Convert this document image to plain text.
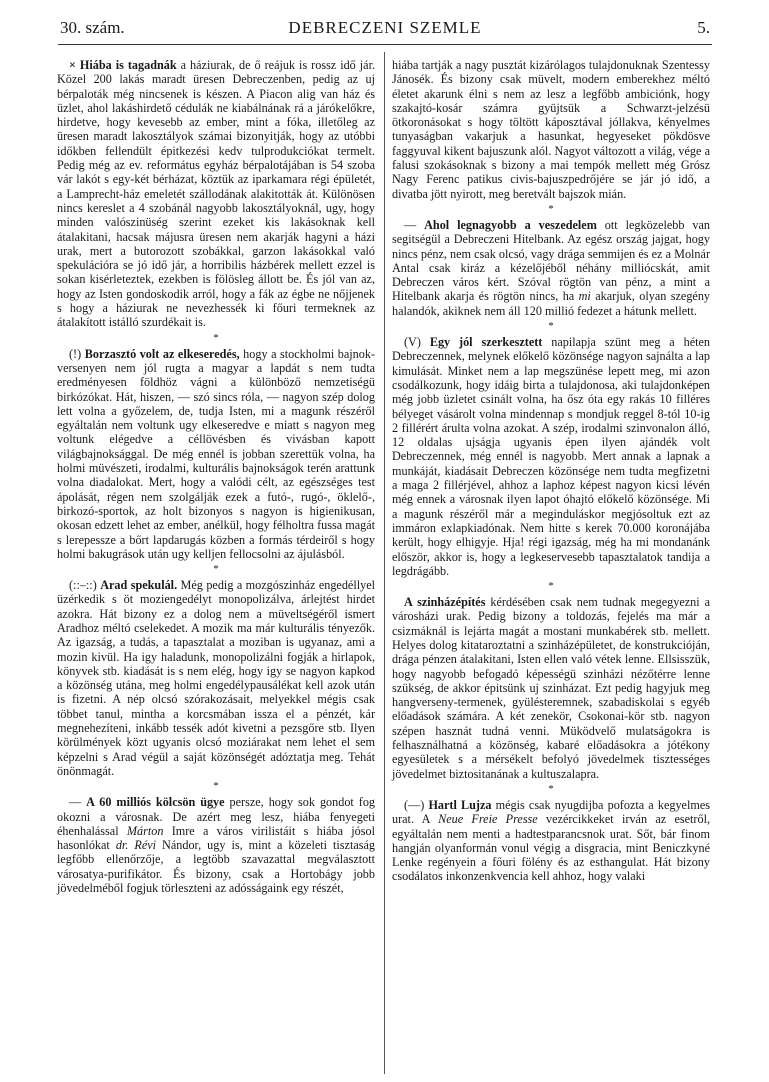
30. szám.	DEBRECZENI SZEMLE	5.

× Hiába is tagadnák a háziurak, de ő reájuk is rossz idő jár. Közel 200 lakás maradt üresen Debreczenben, pedig az uj bérpaloták még nincsenek is készen. A Piacon alig van ház és üzlet, ahol lakáshirdető cédulák ne kiabálnának rá a járókelőkre, hirdetve, hogy kevesebb az ember, mint a fóka, illetőleg az üresen maradt lakosztályok számai bizonyitják, hogy az utóbbi időkben fellendült épitkezési kedv tulprodukciókat termelt. Pedig még az ev. református egyház bérpalotájában is 54 szoba vár lakót s egy-két bérházat, köztük az iparkamara régi épületét, a Lamprecht-ház emeletét szállodának alakitották át. Különösen nincs kereslet a 4 szobánál nagyobb lakosztályoknál, ugy, hogy minden valószinüség szerint ezeket kis lakásoknak kell átalakitani, hacsak májusra üresen nem akarják hagyni a házi urak, mert a butorozott szobákkal, garzon lakásokkal való spekulációra se jó idő jár, a horribilis házbérek mellett ezzel is sokan kisérleteztek, ezekben is fölösleg állott be. És jól van az, hogy az Isten gondoskodik arról, hogy a fák az égbe ne nőjjenek s hogy a háziurak ne nevezhessék ki főuri termeknek az átalakított istálló szurdékait is.

*

(!) Borzasztó volt az elkeseredés, hogy a stockholmi bajnok-versenyen nem jól rugta a magyar a lapdát s nem tudta eredményesen földhöz vágni a különböző nemzetiségü birkózókat. Hát, hiszen, — szó sincs róla, — nagyon szép dolog lett volna a győzelem, de, tudja Isten, mi a magunk részéről egyáltalán nem voltunk ugy elkeseredve e miatt s nagyon meg voltunk elégedve a céllövésben és vivásban kapott világbajnoksággal. De még ennél is jobban szerettük volna, ha holmi müvészeti, irodalmi, kulturális bajnokságok terén arattunk volna diadalokat. Mert, hogy a valódi célt, az egészséges test ápolását, régen nem szolgálják ezek a futó-, rugó-, öklelő-, birkozó-sportok, az holt bizonyos s nagyon is higienikusan, okosan edzett lehet az ember, anélkül, hogy félholtra fussa magát s lerepessze a bőrt lapdarugás közben a formás térdeiről s hogy holmi bakugrások után ugy kelljen fellocsolni az ájulásból.

*

(::–::) Arad spekulál. Még pedig a mozgószinház engedéllyel üzérkedik s öt moziengedélyt monopolizálva, árlejtést hirdet azokra. Hát bizony ez a dolog nem a müveltségéről ismert Aradhoz méltó cselekedet. A mozik ma már kulturális tényezők. Az igazság, a tudás, a tapasztalat a moziban is ugyanaz, ami a mozin kivül. Ha igy haladunk, monopolizálni fogják a hirlapok, könyvek stb. kiadását is s nem elég, hogy igy se nagyon kapkod a közönség utána, meg holmi engedélypausálékat kell azok után is fizetni. A nép olcsó szórakozásait, melyekkel mégis csak többet tanul, mintha a korcsmában issza el a pénzét, kár megnehezíteni, inkább tessék adót kivetni a pezsgőre stb. Ilyen körülmények közt ugyanis olcsó moziárakat nem lehet el sem képzelni s Arad végül a saját közönségét adóztatja meg. Tehát önönmagát.

*

— A 60 milliós kölcsön ügye persze, hogy sok gondot fog okozni a városnak. De azért meg lesz, hiába fenyegeti éhenhalással Márton Imre a város virilistáit s hiába jósol hasonlókat dr. Révi Nándor, ugy is, mint a közeleti tisztaság legfőbb ellenőrzője, a legtöbb szavazattal megválasztott városatya-purifikátor. És bizony, csak a Hortobágy jobb jövedelméből fogjuk törleszteni az adósságaink egy részét,

hiába tartják a nagy pusztát kizárólagos tulajdonuknak Szentessy Jánosék. És bizony csak müvelt, modern emberekhez méltó életet akarunk élni s nem az lesz a legfőbb ambiciónk, hogy szakajtó-kosár számra gyüjtsük a Schwarzt-jelzésü ötkoronásokat s hogy töltött káposztával jóllakva, kényelmes tunyaságban vakarjuk a hasunkat, hegyeseket pökdösve faggyuval kikent bajuszunk alól. Nagyot változott a világ, vége a falusi szokásoknak s bizony a mai tempók mellett még Grósz Nagy Ferenc patikus civis-bajuszpedrőjére se jár jó idő, a divatba jött nyirott, meg beretvált bajszok mián.

*

— Ahol legnagyobb a veszedelem ott legközelebb van segitségül a Debreczeni Hitelbank. Az egész ország jajgat, hogy nincs pénz, nem csak olcsó, vagy drága semmijen és ez a Molnár Antal csak kiráz a kézelőjéből néhány milliócskát, amit Debreczen város kért. Szóval rögtön van pénz, a mint a Hitelbank akarja és rögtön nincs, ha mi akarjuk, olyan szegény halandók, akiknek nem áll 120 millió fedezet a hátunk mellett.

*

(V) Egy jól szerkesztett napilapja szünt meg a héten Debreczennek, melynek előkelő közönsége nagyon sajnálta a lap kimulását. Minket nem a lap megszünése lepett meg, mi azon csodálkozunk, hogy idáig birta a tulajdonosa, aki tulajdonképen még jobb üzletet csinált volna, ha ősz óta egy rakás 10 filléres bélyeget vásárolt volna mindennap s mondjuk reggel 8-tól 10-ig 2 fillérért árulta volna azokat. A szép, irodalmi szinvonalon álló, 12 oldalas ujságja ugyanis épen ilyen ajándék volt Debreczennek, még ennél is nagyobb. Mert annak a lapnak a munkáját, kiadásait Debreczen közönsége nem tudta megfizetni a maga 2 fillérjével, ahhoz a laphoz képest nagyon kicsi lévén még ennek a városnak ilyen lapot óhajtó előkelő közönsége. Mi a magunk részéről már a meginduláskor megjósoltuk ezt az immáron exlapkiadónak. Nem hitte s kerek 70.000 koronájába került, hogy elhigyje. Hja! régi igazság, még ha mi mondanánk először, akkor is, hogy a legkeservesebb tapasztalatok tandija a legdrágább.

*

A szinházépítés kérdésében csak nem tudnak megegyezni a városházi urak. Pedig bizony a toldozás, fejelés ma már a csizmáknál is lejárta magát a mostani munkabérek stb. mellett. Helyes dolog kitataroztatni a szinházépületet, de konstrukcióján, drága pénzen átalakitani, Isten ellen való vétek lenne. Ellsisszük, hogy nagyobb befogadó képességü szinházi nézőtérre lenne szükség, de akkor épitsünk uj szinházat. Ezt pedig hagyjuk meg hangverseny-termenek, gyülésteremnek, szabadiskolai s egyéb előadások számára. A két zenekör, Csokonai-kör stb. nagyon szépen hasznát tudná venni. Müködvelő mulatságokra is felhasználhatná a közönség, kabaré előadásokra a jótékony egyesületek s a mérsékelt befolyó jövedelmek tisztességes jövedelmet biztositanának a kultuszalapra.

*

(––) Hartl Lujza mégis csak nyugdijba pofozta a kegyelmes urat. A Neue Freie Presse vezércikkeket irván az esetről, egyáltalán nem menti a hadtestparancsnok urat. Sőt, bár finom hangján olyanformán vonul végig a disgracia, mint Beniczkyné Lenke regényein a főuri fölény és az esthangulat. Hát bizony csodálatos inkonzenkvencia kell ahhoz, hogy valaki
